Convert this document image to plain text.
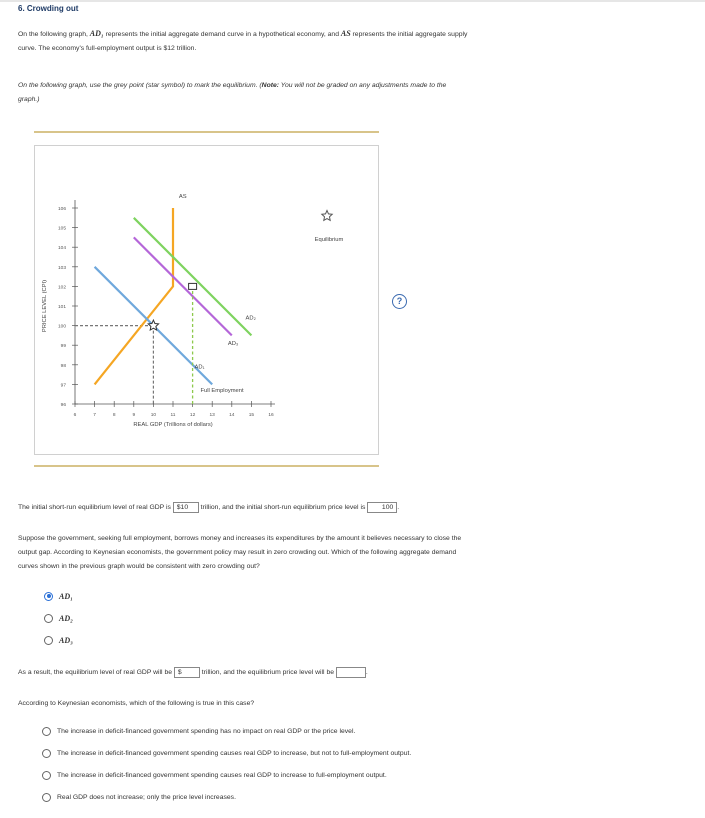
6. Crowding out
On the following graph, AD₁ represents the initial aggregate demand curve in a hypothetical economy, and AS represents the initial aggregate supply
curve. The economy's full-employment output is $12 trillion.
On the following graph, use the grey point (star symbol) to mark the equilibrium. (Note: You will not be graded on any adjustments made to the
graph.)
96
97
98
99
100
101
102
103
104
105
106
6	7	8	9	10	11	12	13	14	15	16
PRICE LEVEL (CPI)
REAL GDP (Trillions of dollars)
AS
AD₁
AD₂
AD₃
Full Employment
Equilibrium
?
The initial short-run equilibrium level of real GDP is $10 trillion, and the initial short-run equilibrium price level is 100 .
Suppose the government, seeking full employment, borrows money and increases its expenditures by the amount it believes necessary to close the
output gap. According to Keynesian economists, the government policy may result in zero crowding out. Which of the following aggregate demand
curves shown in the previous graph would be consistent with zero crowding out?
AD₁
AD₂
AD₃
As a result, the equilibrium level of real GDP will be $	trillion, and the equilibrium price level will be	.
According to Keynesian economists, which of the following is true in this case?
The increase in deficit-financed government spending has no impact on real GDP or the price level.
The increase in deficit-financed government spending causes real GDP to increase, but not to full-employment output.
The increase in deficit-financed government spending causes real GDP to increase to full-employment output.
Real GDP does not increase; only the price level increases.
